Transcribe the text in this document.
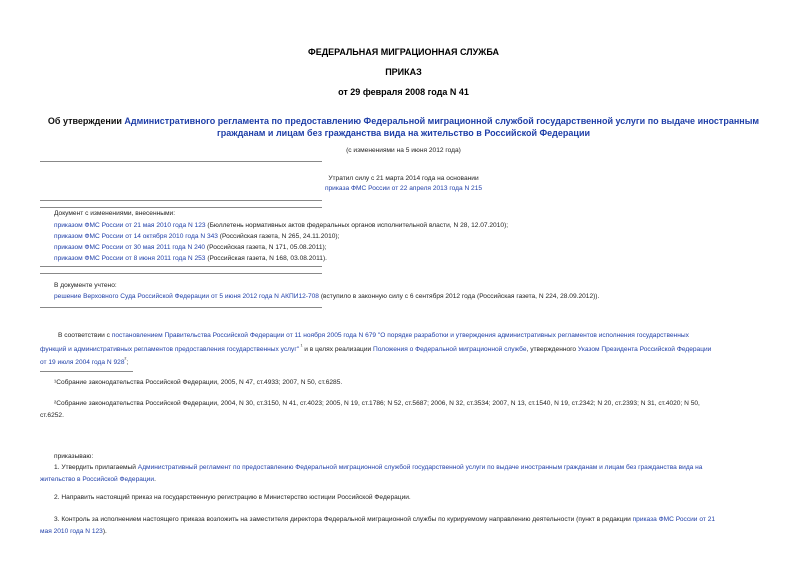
ФЕДЕРАЛЬНАЯ МИГРАЦИОННАЯ СЛУЖБА
ПРИКАЗ
от 29 февраля 2008 года N 41
Об утверждении Административного регламента по предоставлению Федеральной миграционной службой государственной услуги по выдаче иностранным
гражданам и лицам без гражданства вида на жительство в Российской Федерации
(с изменениями на 5 июня 2012 года)
Утратил силу с 21 марта 2014 года на основании
приказа ФМС России от 22 апреля 2013 года N 215
Документ с изменениями, внесенными:
приказом ФМС России от 21 мая 2010 года N 123 (Бюллетень нормативных актов федеральных органов исполнительной власти, N 28, 12.07.2010);
приказом ФМС России от 14 октября 2010 года N 343 (Российская газета, N 265, 24.11.2010);
приказом ФМС России от 30 мая 2011 года N 240 (Российская газета, N 171, 05.08.2011);
приказом ФМС России от 8 июня 2011 года N 253 (Российская газета, N 168, 03.08.2011).
В документе учтено:
решение Верховного Суда Российской Федерации от 5 июня 2012 года N АКПИ12-708 (вступило в законную силу с 6 сентября 2012 года (Российская газета, N 224, 28.09.2012)).
В соответствии с постановлением Правительства Российской Федерации от 11 ноября 2005 года N 679 "О порядке разработки и утверждения административных регламентов исполнения государственных
функций и административных регламентов предоставления государственных услуг" $^{^1}$ и в целях реализации Положения о Федеральной миграционной службе, утвержденного Указом Президента Российской Федерации
от 19 июля 2004 года N $928^{^2}$;
¹Собрание законодательства Российской Федерации, 2005, N 47, ст.4933; 2007, N 50, ст.6285.
²Собрание законодательства Российской Федерации, 2004, N 30, ст.3150, N 41, ст.4023; 2005, N 19, ст.1786; N 52, ст.5687; 2006, N 32, ст.3534; 2007, N 13, ст.1540, N 19, ст.2342; N 20, ст.2393; N 31, ст.4020; N 50,
ст.6252.
приказываю:
1. Утвердить прилагаемый Административный регламент по предоставлению Федеральной миграционной службой государственной услуги по выдаче иностранным гражданам и лицам без гражданства вида на
жительство в Российской Федерации.
2. Направить настоящий приказ на государственную регистрацию в Министерство юстиции Российской Федерации.
3. Контроль за исполнением настоящего приказа возложить на заместителя директора Федеральной миграционной службы по курируемому направлению деятельности (пункт в редакции приказа ФМС России от 21
мая 2010 года N 123).
